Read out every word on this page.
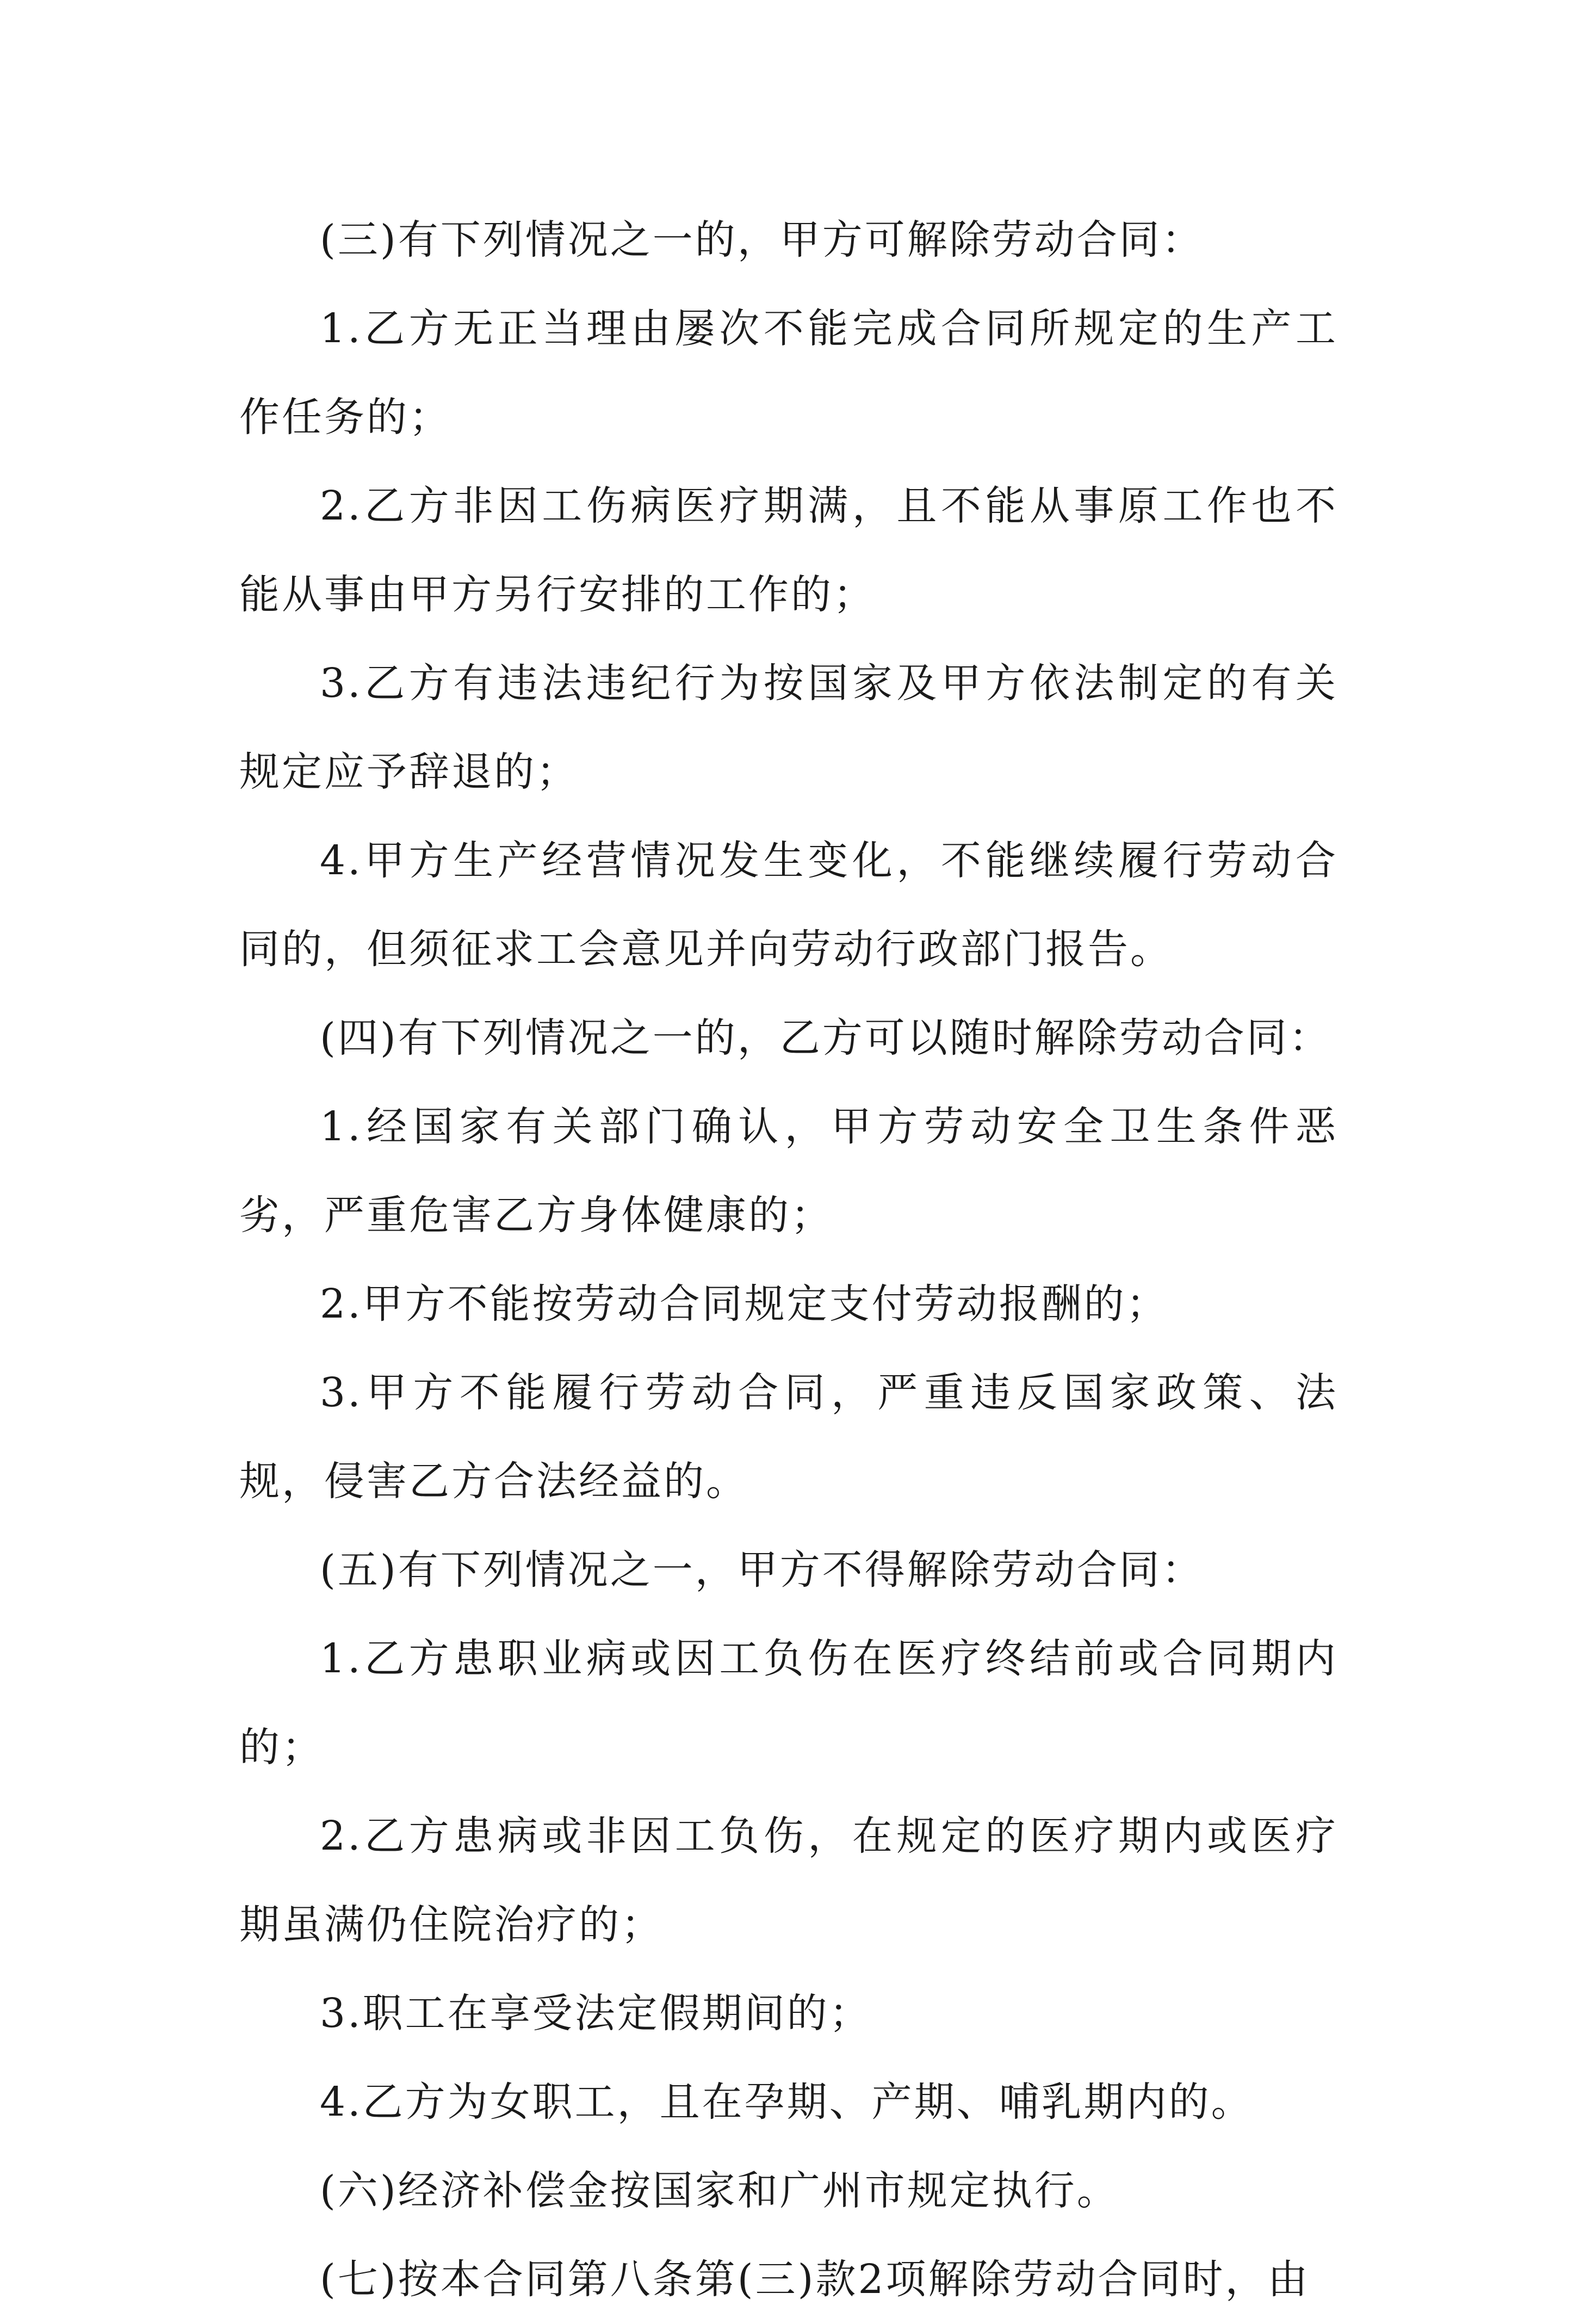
(三)有下列情况之一的，甲方可解除劳动合同：

1.乙方无正当理由屡次不能完成合同所规定的生产工作任务的；

2.乙方非因工伤病医疗期满，且不能从事原工作也不能从事由甲方另行安排的工作的；

3.乙方有违法违纪行为按国家及甲方依法制定的有关规定应予辞退的；

4.甲方生产经营情况发生变化，不能继续履行劳动合同的，但须征求工会意见并向劳动行政部门报告。

(四)有下列情况之一的，乙方可以随时解除劳动合同：

1.经国家有关部门确认，甲方劳动安全卫生条件恶劣，严重危害乙方身体健康的；

2.甲方不能按劳动合同规定支付劳动报酬的；

3.甲方不能履行劳动合同，严重违反国家政策、法规，侵害乙方合法经益的。

(五)有下列情况之一，甲方不得解除劳动合同：

1.乙方患职业病或因工负伤在医疗终结前或合同期内的；

2.乙方患病或非因工负伤，在规定的医疗期内或医疗期虽满仍住院治疗的；

3.职工在享受法定假期间的；

4.乙方为女职工，且在孕期、产期、哺乳期内的。

(六)经济补偿金按国家和广州市规定执行。

(七)按本合同第八条第(三)款2项解除劳动合同时，由
